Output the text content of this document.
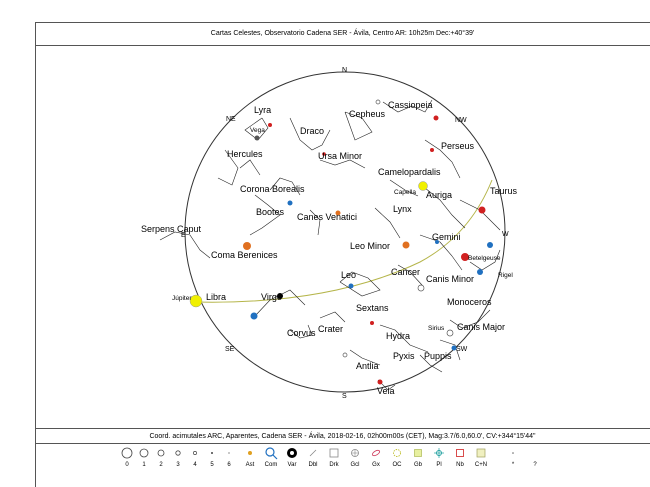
Cartas Celestes, Observatorio Cadena SER - Ávila, Centro AR: 10h25m Dec:+40°39'
N
NE	NW
W
SW
S
SE
E
Lyra	Cassiopeia
Cepheus
Draco
Hercules	Ursa Minor
Perseus
Camelopardalis
Taurus
Corona Borealis
Auriga
Bootes Canes Venatici
Lynx
Serpens Caput
Gemini
Leo Minor
Coma Berenices
Cancer
Leo	Canis Minor
Libra	Virgo	Monoceros
Sextans
Corvus Crater
Hydra
Canis Major
Pyxis Puppis
Antlia
Vela
Vega
Capella
Betelgeuse
Rigel
Sirius
Júpiter
Coord. acimutales ARC, Aparentes, Cadena SER - Ávila, 2018-02-16, 02h00m00s (CET), Mag:3.7/6.0,60.0', CV:+344°15'44"
0	1	2	3	4	5	6	Ast	Com	Var	Dbl	Drk	Gcl	Gx	OC	Gb	Pl	Nb	C+N	*	?
